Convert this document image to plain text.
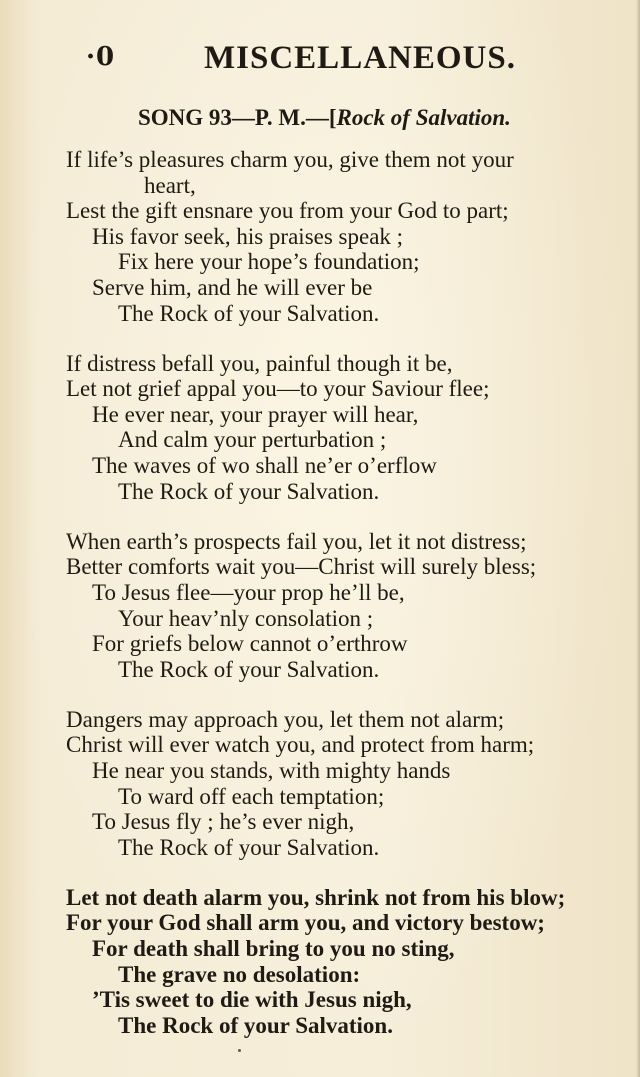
·0	MISCELLANEOUS.
SONG 93—P. M.—[Rock of Salvation.
If life’s pleasures charm you, give them not your
heart,
Lest the gift ensnare you from your God to part;
His favor seek, his praises speak ;
Fix here your hope’s foundation;
Serve him, and he will ever be
The Rock of your Salvation.
If distress befall you, painful though it be,
Let not grief appal you—to your Saviour flee;
He ever near, your prayer will hear,
And calm your perturbation ;
The waves of wo shall ne’er o’erflow
The Rock of your Salvation.
When earth’s prospects fail you, let it not distress;
Better comforts wait you—Christ will surely bless;
To Jesus flee—your prop he’ll be,
Your heav’nly consolation ;
For griefs below cannot o’erthrow
The Rock of your Salvation.
Dangers may approach you, let them not alarm;
Christ will ever watch you, and protect from harm;
He near you stands, with mighty hands
To ward off each temptation;
To Jesus fly ; he’s ever nigh,
The Rock of your Salvation.
Let not death alarm you, shrink not from his blow;
For your God shall arm you, and victory bestow;
For death shall bring to you no sting,
The grave no desolation:
’Tis sweet to die with Jesus nigh,
The Rock of your Salvation.
